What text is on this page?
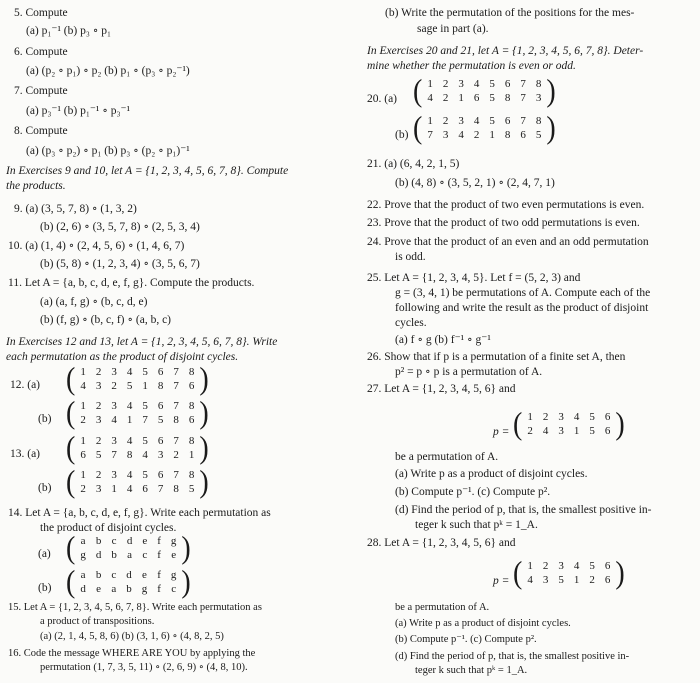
5. Compute
(a) p₁⁻¹ (b) p₃ ∘ p₁
6. Compute
(a) (p₂ ∘ p₁) ∘ p₂ (b) p₁ ∘ (p₃ ∘ p₂⁻¹)
7. Compute
(a) p₃⁻¹ (b) p₁⁻¹ ∘ p₃⁻¹
8. Compute
(a) (p₃ ∘ p₂) ∘ p₁ (b) p₃ ∘ (p₂ ∘ p₁)⁻¹
In Exercises 9 and 10, let A = {1, 2, 3, 4, 5, 6, 7, 8}. Compute
the products.
9. (a) (3, 5, 7, 8) ∘ (1, 3, 2)
(b) (2, 6) ∘ (3, 5, 7, 8) ∘ (2, 5, 3, 4)
10. (a) (1, 4) ∘ (2, 4, 5, 6) ∘ (1, 4, 6, 7)
(b) (5, 8) ∘ (1, 2, 3, 4) ∘ (3, 5, 6, 7)
11. Let A = {a, b, c, d, e, f, g}. Compute the products.
(a) (a, f, g) ∘ (b, c, d, e)
(b) (f, g) ∘ (b, c, f) ∘ (a, b, c)
In Exercises 12 and 13, let A = {1, 2, 3, 4, 5, 6, 7, 8}. Write
each permutation as the product of disjoint cycles.
12. (a) ( 1	2	3	4	5	6	7	8
4	3	2	5	1	8	7	6 )
(b) ( 1	2	3	4	5	6	7	8
2	3	4	1	7	5	8	6 )
13. (a) ( 1	2	3	4	5	6	7	8
6	5	7	8	4	3	2	1 )
(b) ( 1	2	3	4	5	6	7	8
2	3	1	4	6	7	8	5 )
14. Let A = {a, b, c, d, e, f, g}. Write each permutation as
the product of disjoint cycles.
(a) ( a	b	c	d	e	f	g
g	d	b	a	c	f	e )
(b) ( a	b	c	d	e	f	g
d	e	a	b	g	f	c )
15. Let A = {1, 2, 3, 4, 5, 6, 7, 8}. Write each permutation as
a product of transpositions.
(a) (2, 1, 4, 5, 8, 6) (b) (3, 1, 6) ∘ (4, 8, 2, 5)
16. Code the message WHERE ARE YOU by applying the
permutation (1, 7, 3, 5, 11) ∘ (2, 6, 9) ∘ (4, 8, 10).
(b) Write the permutation of the positions for the mes-
sage in part (a).
In Exercises 20 and 21, let A = {1, 2, 3, 4, 5, 6, 7, 8}. Deter-
mine whether the permutation is even or odd.
20. (a) ( 1	2	3	4	5	6	7	8
4	2	1	6	5	8	7	3 )
(b) ( 1	2	3	4	5	6	7	8
7	3	4	2	1	8	6	5 )
21. (a) (6, 4, 2, 1, 5)
(b) (4, 8) ∘ (3, 5, 2, 1) ∘ (2, 4, 7, 1)
22. Prove that the product of two even permutations is even.
23. Prove that the product of two odd permutations is even.
24. Prove that the product of an even and an odd permutation
is odd.
25. Let A = {1, 2, 3, 4, 5}. Let f = (5, 2, 3) and
g = (3, 4, 1) be permutations of A. Compute each of the
following and write the result as the product of disjoint
cycles.
(a) f ∘ g (b) f⁻¹ ∘ g⁻¹
26. Show that if p is a permutation of a finite set A, then
p² = p ∘ p is a permutation of A.
27. Let A = {1, 2, 3, 4, 5, 6} and
p = ( 1	2	3	4	5	6
2	4	3	1	5	6 )
be a permutation of A.
(a) Write p as a product of disjoint cycles.
(b) Compute p⁻¹. (c) Compute p².
(d) Find the period of p, that is, the smallest positive in-
teger k such that pᵏ = 1_A.
28. Let A = {1, 2, 3, 4, 5, 6} and
p = ( 1	2	3	4	5	6
4	3	5	1	2	6 )
be a permutation of A.
(a) Write p as a product of disjoint cycles.
(b) Compute p⁻¹. (c) Compute p².
(d) Find the period of p, that is, the smallest positive in-
teger k such that pᵏ = 1_A.
